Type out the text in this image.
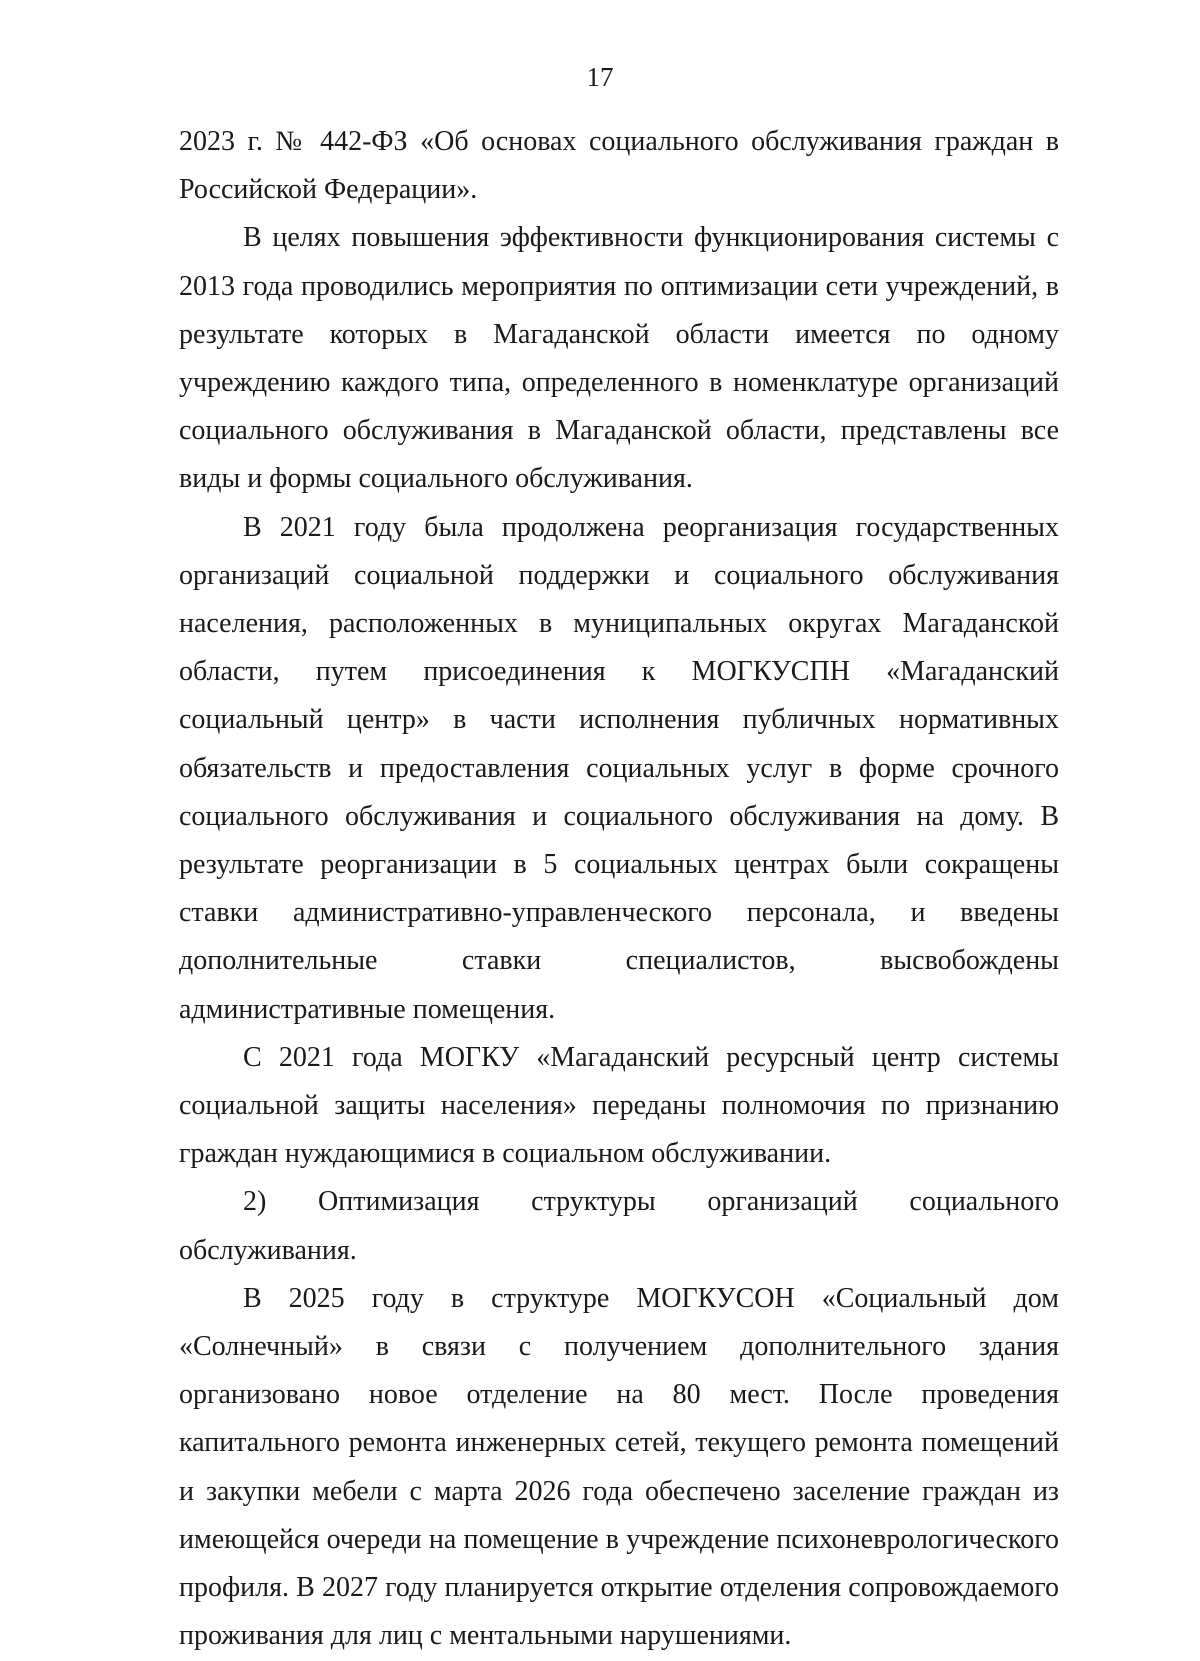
17

2023 г. № 442-ФЗ «Об основах социального обслуживания граждан в Российской Федерации».

В целях повышения эффективности функционирования системы с 2013 года проводились мероприятия по оптимизации сети учреждений, в результате которых в Магаданской области имеется по одному учреждению каждого типа, определенного в номенклатуре организаций социального обслуживания в Магаданской области, представлены все виды и формы социального обслуживания.

В 2021 году была продолжена реорганизация государственных организаций социальной поддержки и социального обслуживания населения, расположенных в муниципальных округах Магаданской области, путем присоединения к МОГКУСПН «Магаданский социальный центр» в части исполнения публичных нормативных обязательств и предоставления социальных услуг в форме срочного социального обслуживания и социального обслуживания на дому. В результате реорганизации в 5 социальных центрах были сокращены ставки административно-управленческого персонала, и введены дополнительные ставки специалистов, высвобождены административные помещения.

С 2021 года МОГКУ «Магаданский ресурсный центр системы социальной защиты населения» переданы полномочия по признанию граждан нуждающимися в социальном обслуживании.

2) Оптимизация структуры организаций социального обслуживания.

В 2025 году в структуре МОГКУСОН «Социальный дом «Солнечный» в связи с получением дополнительного здания организовано новое отделение на 80 мест. После проведения капитального ремонта инженерных сетей, текущего ремонта помещений и закупки мебели с марта 2026 года обеспечено заселение граждан из имеющейся очереди на помещение в учреждение психоневрологического профиля. В 2027 году планируется открытие отделения сопровождаемого проживания для лиц с ментальными нарушениями.
